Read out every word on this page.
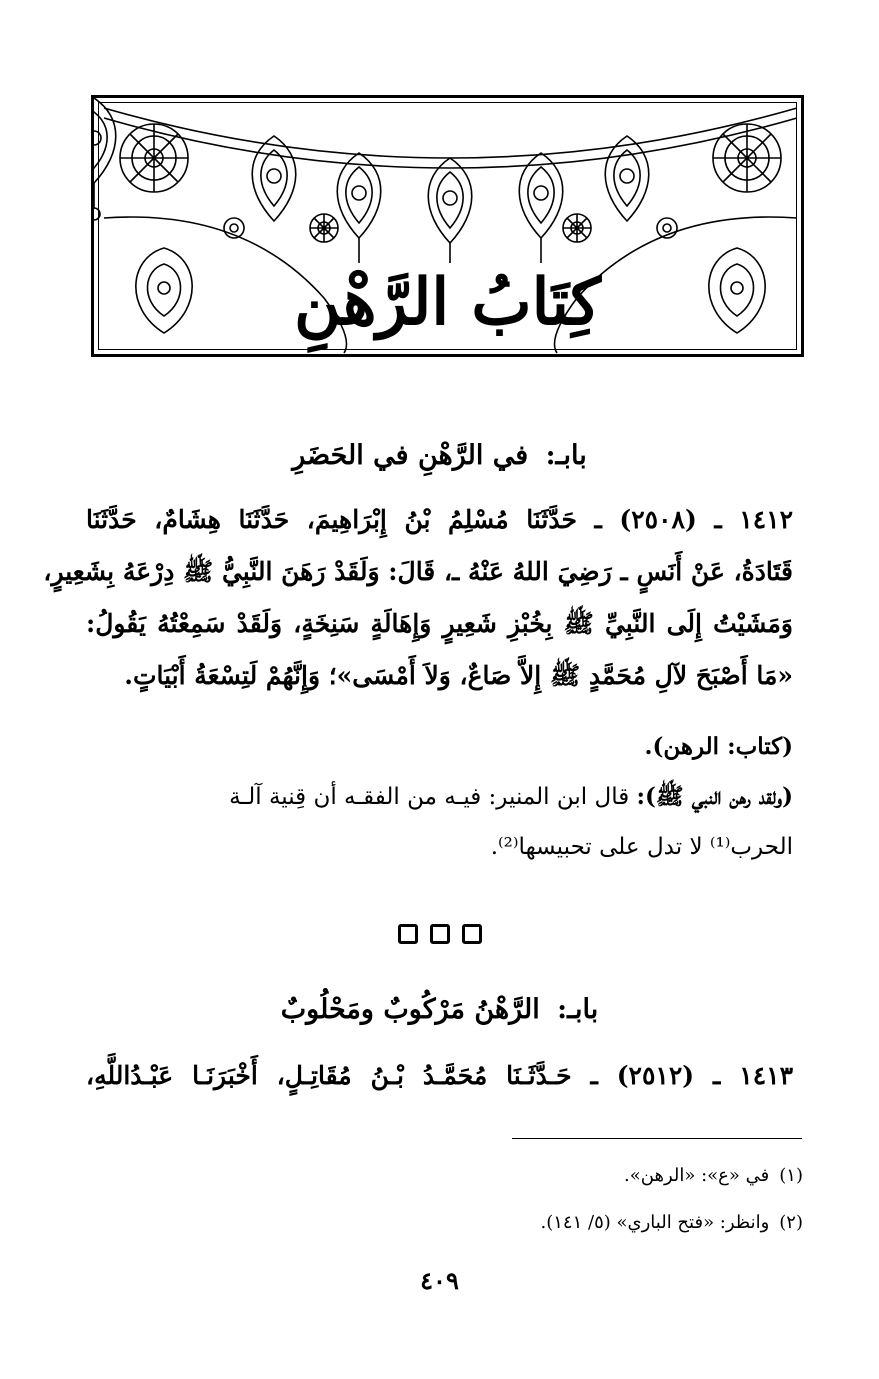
كِتَابُ الرَّهْنِ
بابـ: في الرَّهْنِ في الحَضَرِ
١٤١٢ ـ (٢٥٠٨) ـ حَدَّثَنَا مُسْلِمُ بْنُ إِبْرَاهِيمَ، حَدَّثَنَا هِشَامٌ، حَدَّثَنَا
قَتَادَةُ، عَنْ أَنَسٍ ـ رَضِيَ اللهُ عَنْهُ ـ، قَالَ: وَلَقَدْ رَهَنَ النَّبِيُّ ﷺ دِرْعَهُ بِشَعِيرٍ،
وَمَشَيْتُ إِلَى النَّبِيِّ ﷺ بِخُبْزِ شَعِيرٍ وَإِهَالَةٍ سَنِخَةٍ، وَلَقَدْ سَمِعْتُهُ يَقُولُ:
«مَا أَصْبَحَ لآلِ مُحَمَّدٍ ﷺ إِلاَّ صَاعٌ، وَلاَ أَمْسَى»؛ وَإِنَّهُمْ لَتِسْعَةُ أَبْيَاتٍ.
(كتاب: الرهن).
(ولقد رهن النبي ﷺ): قال ابن المنير: فيـه من الفقـه أن قِنية آلـة
الحرب⁽¹⁾ لا تدل على تحبيسها⁽²⁾.
بابـ: الرَّهْنُ مَرْكُوبٌ ومَحْلُوبٌ
١٤١٣ ـ (٢٥١٢) ـ حَـدَّثَـنَا مُحَمَّـدُ بْـنُ مُقَاتِـلٍ، أَخْبَرَنَـا عَبْـدُاللَّهِ،
(١)في «ع»: «الرهن».
(٢)وانظر: «فتح الباري» (٥/ ١٤١).
٤٠٩
